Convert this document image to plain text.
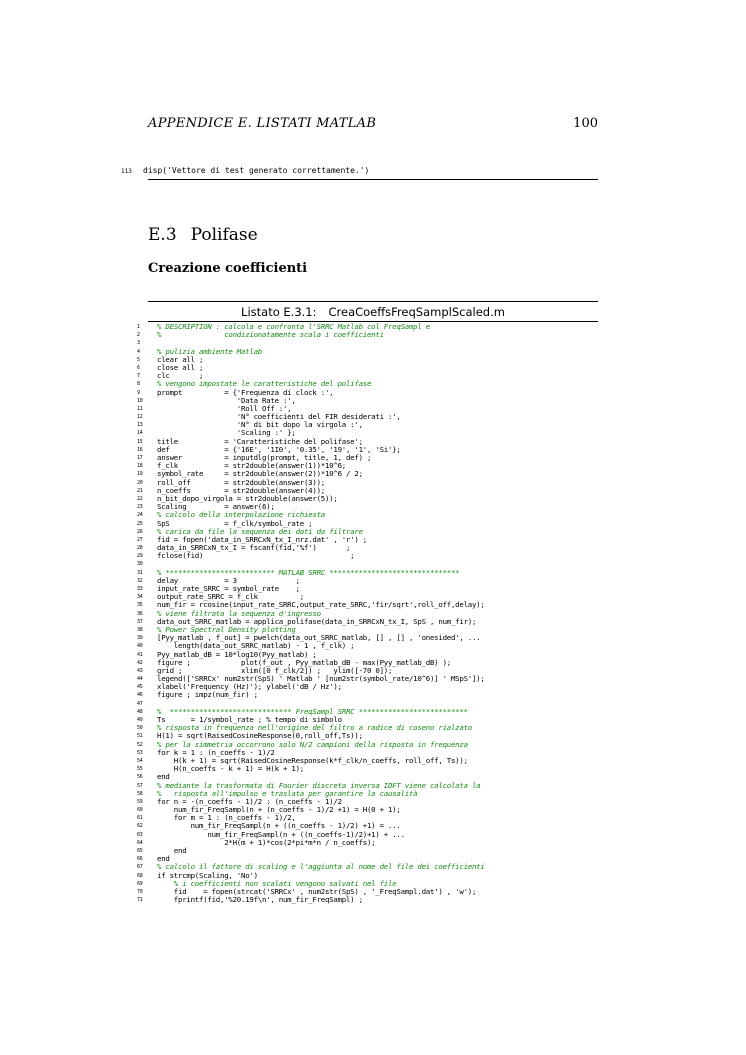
APPENDICE E. LISTATI MATLAB	100
113 disp('Vettore di test generato correttamente.')
E.3 Polifase
Creazione coefficienti
Listato E.3.1: CreaCoeffsFreqSamplScaled.m
1 % DESCRIPTION : calcola e confronta l'SRRC Matlab col FreqSampl e
2 %               condizionatamente scala i coefficienti
3
4 % pulizia ambiente Matlab
5 clear all ;
6 close all ;
7 clc       ;
8 % vengono impostate le caratteristiche del polifase
9 prompt          = {'Frequenza di clock :',
10                   'Data Rate :',
11                   'Roll Off :',
12                   'N° coefficienti del FIR desiderati :',
13                   'N° di bit dopo la virgola :',
14                   'Scaling :' };
15 title           = 'Caratteristiche del polifase';
16 def             = {'16E', '1I0', '0.35', '19', '1', 'Si'};
17 answer          = inputdlg(prompt, title, 1, def) ;
18 f_clk           = str2double(answer(1))*10^6;
19 symbol_rate     = str2double(answer(2))*10^6 / 2;
20 roll_off        = str2double(answer(3));
21 n_coeffs        = str2double(answer(4));
22 n_bit_dopo_virgola = str2double(answer(5));
23 Scaling         = answer(6);
24 % calcolo della interpolazione richiesta
25 SpS             = f_clk/symbol_rate ;
26 % carica da file la sequenza dei dati da filtrare
27 fid = fopen('data_in_SRRCxN_tx_I_nrz.dat' , 'r') ;
28 data_in_SRRCxN_tx_I = fscanf(fid,'%f')       ;
29 fclose(fid)                                   ;
30
31 % ************************** MATLAB SRRC *******************************
32 delay           = 3              ;
33 input_rate_SRRC = symbol_rate    ;
34 output_rate_SRRC = f_clk          ;
35 num_fir = rcosine(input_rate_SRRC,output_rate_SRRC,'fir/sqrt',roll_off,delay);
36 % viene filtrata la sequenza d'ingresso
37 data_out_SRRC_matlab = applica_polifase(data_in_SRRCxN_tx_I, SpS , num_fir);
38 % Power Spectral Density plotting
39 [Pyy_matlab , f_out] = pwelch(data_out_SRRC_matlab, [] , [] , 'onesided', ...
40    length(data_out_SRRC_matlab) - 1 , f_clk) ;
41 Pyy_matlab_dB = 10*log10(Pyy_matlab) ;
42 figure ;            plot(f_out , Pyy_matlab_dB - max(Pyy_matlab_dB) );
43 grid ;              xlim([0 f_clk/2]) ;   ylim([-70 0]);
44 legend(['SRRCx' num2str(SpS) ' Matlab ' [num2str(symbol_rate/10^6)] ' MSpS']);
45 xlabel('Frequency (Hz)'); ylabel('dB / Hz');
46 figure ; impz(num_fir) ;
47
48 %  ***************************** FreqSampl SRRC **************************
49 Ts      = 1/symbol_rate ; % tempo di simbolo
50 % risposta in frequenza nell'origine del filtro a radice di coseno rialzato
51 H(1) = sqrt(RaisedCosineResponse(0,roll_off,Ts));
52 % per la simmetria occorrono solo N/2 campioni della risposta in frequenza
53 for k = 1 : (n_coeffs - 1)/2
54    H(k + 1) = sqrt(RaisedCosineResponse(k*f_clk/n_coeffs, roll_off, Ts));
55    H(n_coeffs - k + 1) = H(k + 1);
56 end
57 % mediante la trasformata di Fourier discreta inversa IDFT viene calcolata la
58 %   risposta all'impulso e traslata per garantire la causalità
59 for n = -(n_coeffs - 1)/2 : (n_coeffs - 1)/2
60    num_fir_FreqSampl(n + (n_coeffs - 1)/2 +1) = H(0 + 1);
61    for m = 1 : (n_coeffs - 1)/2,
62        num_fir_FreqSampl(n + ((n_coeffs - 1)/2) +1) = ...
63            num_fir_FreqSampl(n + ((n_coeffs-1)/2)+1) + ...
64                2*H(m + 1)*cos(2*pi*m*n / n_coeffs);
65    end
66 end
67 % calcolo il fattore di scaling e l'aggiunta al nome del file dei coefficienti
68 if strcmp(Scaling, 'No')
69    % i coefficienti non scalati vengono salvati nel file
70    fid    = fopen(strcat('SRRCx' , num2str(SpS) , '_FreqSampl.dat') , 'w');
71    fprintf(fid,'%20.19f\n', num_fir_FreqSampl) ;
